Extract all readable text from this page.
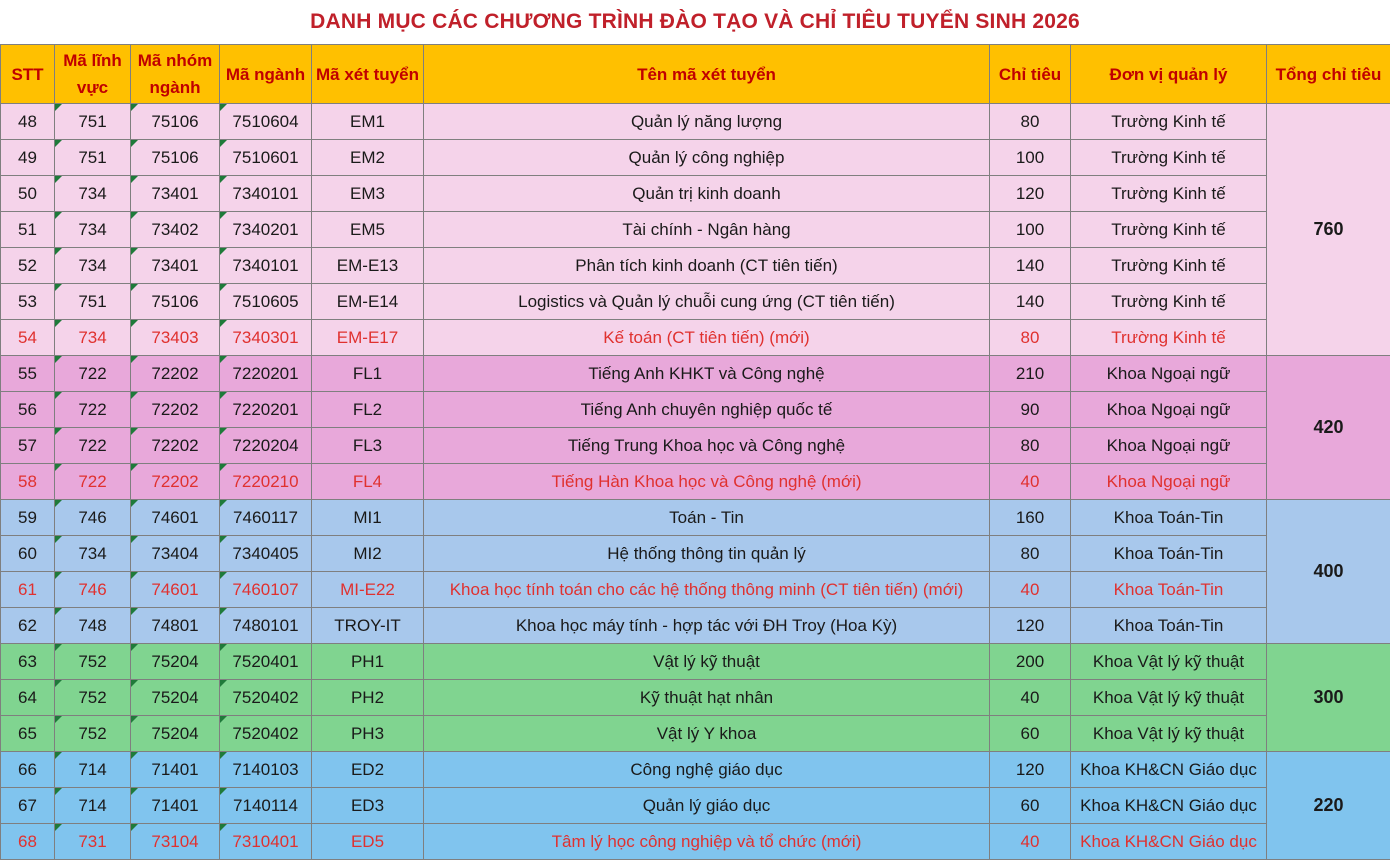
DANH MỤC CÁC CHƯƠNG TRÌNH ĐÀO TẠO VÀ CHỈ TIÊU TUYỂN SINH 2026
STT	Mã lĩnh vực	Mã nhóm ngành	Mã ngành	Mã xét tuyển	Tên mã xét tuyển	Chỉ tiêu	Đơn vị quản lý	Tổng chỉ tiêu
48	751	75106	7510604	EM1	Quản lý năng lượng	80	Trường Kinh tế	760
49	751	75106	7510601	EM2	Quản lý công nghiệp	100	Trường Kinh tế	
50	734	73401	7340101	EM3	Quản trị kinh doanh	120	Trường Kinh tế	
51	734	73402	7340201	EM5	Tài chính - Ngân hàng	100	Trường Kinh tế	
52	734	73401	7340101	EM-E13	Phân tích kinh doanh (CT tiên tiến)	140	Trường Kinh tế	
53	751	75106	7510605	EM-E14	Logistics và Quản lý chuỗi cung ứng (CT tiên tiến)	140	Trường Kinh tế	
54	734	73403	7340301	EM-E17	Kế toán (CT tiên tiến) (mới)	80	Trường Kinh tế	
55	722	72202	7220201	FL1	Tiếng Anh KHKT và Công nghệ	210	Khoa Ngoại ngữ	420
56	722	72202	7220201	FL2	Tiếng Anh chuyên nghiệp quốc tế	90	Khoa Ngoại ngữ	
57	722	72202	7220204	FL3	Tiếng Trung Khoa học và Công nghệ	80	Khoa Ngoại ngữ	
58	722	72202	7220210	FL4	Tiếng Hàn Khoa học và Công nghệ (mới)	40	Khoa Ngoại ngữ	
59	746	74601	7460117	MI1	Toán - Tin	160	Khoa Toán-Tin	400
60	734	73404	7340405	MI2	Hệ thống thông tin quản lý	80	Khoa Toán-Tin	
61	746	74601	7460107	MI-E22	Khoa học tính toán cho các hệ thống thông minh (CT tiên tiến) (mới)	40	Khoa Toán-Tin	
62	748	74801	7480101	TROY-IT	Khoa học máy tính - hợp tác với ĐH Troy (Hoa Kỳ)	120	Khoa Toán-Tin	
63	752	75204	7520401	PH1	Vật lý kỹ thuật	200	Khoa Vật lý kỹ thuật	300
64	752	75204	7520402	PH2	Kỹ thuật hạt nhân	40	Khoa Vật lý kỹ thuật	
65	752	75204	7520402	PH3	Vật lý Y khoa	60	Khoa Vật lý kỹ thuật	
66	714	71401	7140103	ED2	Công nghệ giáo dục	120	Khoa KH&CN Giáo dục	220
67	714	71401	7140114	ED3	Quản lý giáo dục	60	Khoa KH&CN Giáo dục	
68	731	73104	7310401	ED5	Tâm lý học công nghiệp và tổ chức (mới)	40	Khoa KH&CN Giáo dục	
